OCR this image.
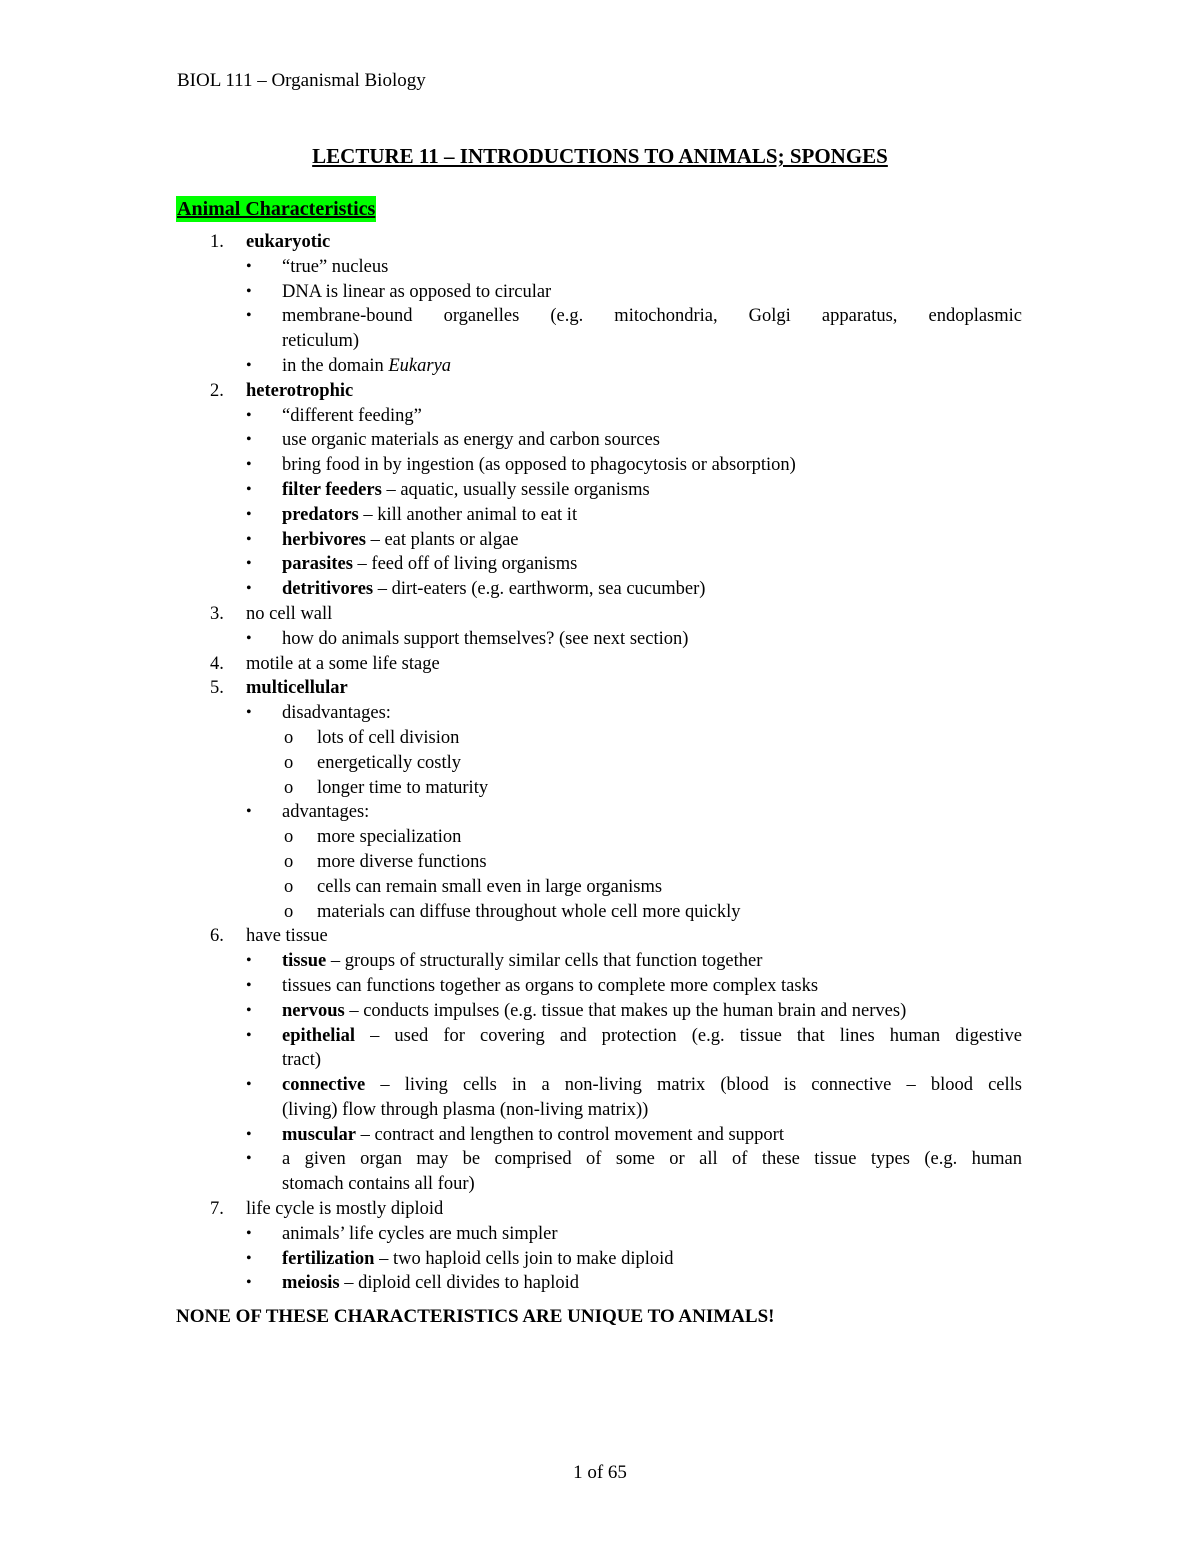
BIOL 111 – Organismal Biology
LECTURE 11 – INTRODUCTIONS TO ANIMALS; SPONGES
Animal Characteristics
1. eukaryotic
• “true” nucleus
• DNA is linear as opposed to circular
• membrane-bound organelles (e.g. mitochondria, Golgi apparatus, endoplasmic
reticulum)
• in the domain Eukarya
2. heterotrophic
• “different feeding”
• use organic materials as energy and carbon sources
• bring food in by ingestion (as opposed to phagocytosis or absorption)
• filter feeders – aquatic, usually sessile organisms
• predators – kill another animal to eat it
• herbivores – eat plants or algae
• parasites – feed off of living organisms
• detritivores – dirt-eaters (e.g. earthworm, sea cucumber)
3. no cell wall
• how do animals support themselves? (see next section)
4. motile at a some life stage
5. multicellular
• disadvantages:
o lots of cell division
o energetically costly
o longer time to maturity
• advantages:
o more specialization
o more diverse functions
o cells can remain small even in large organisms
o materials can diffuse throughout whole cell more quickly
6. have tissue
• tissue – groups of structurally similar cells that function together
• tissues can functions together as organs to complete more complex tasks
• nervous – conducts impulses (e.g. tissue that makes up the human brain and nerves)
• epithelial – used for covering and protection (e.g. tissue that lines human digestive
tract)
• connective – living cells in a non-living matrix (blood is connective – blood cells
(living) flow through plasma (non-living matrix))
• muscular – contract and lengthen to control movement and support
• a given organ may be comprised of some or all of these tissue types (e.g. human
stomach contains all four)
7. life cycle is mostly diploid
• animals’ life cycles are much simpler
• fertilization – two haploid cells join to make diploid
• meiosis – diploid cell divides to haploid
NONE OF THESE CHARACTERISTICS ARE UNIQUE TO ANIMALS!
1 of 65
